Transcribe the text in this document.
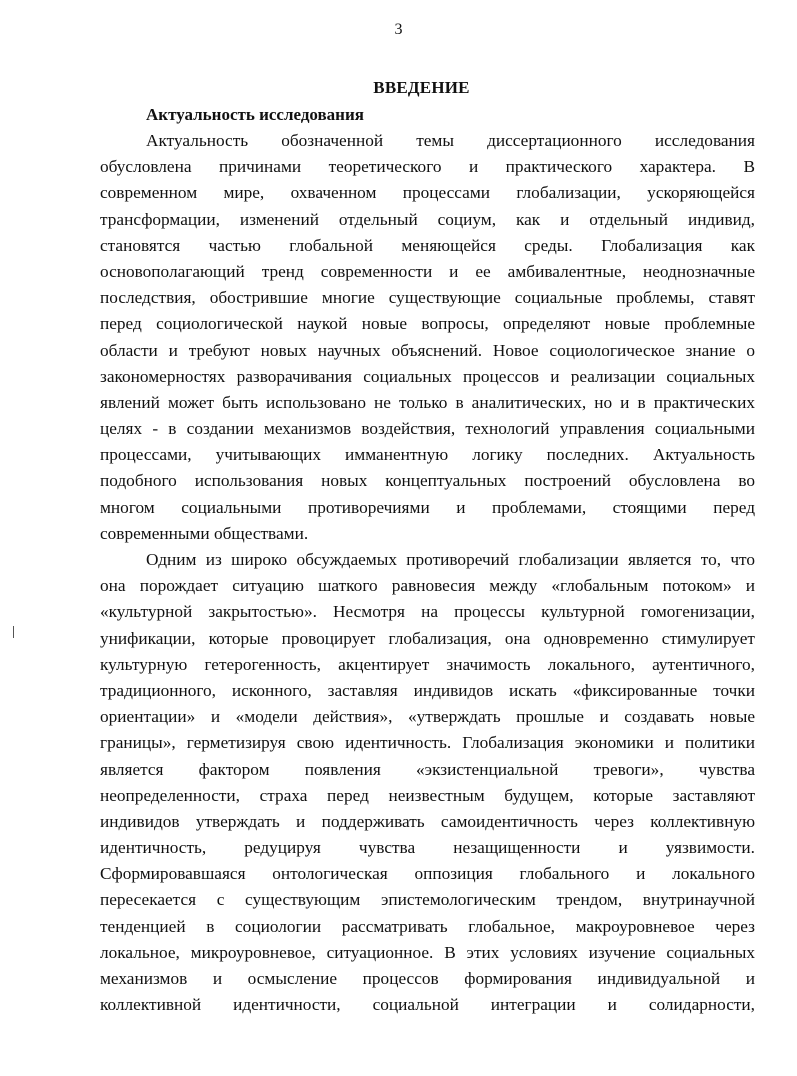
3
ВВЕДЕНИЕ
Актуальность исследования
Актуальность обозначенной темы диссертационного исследования
обусловлена причинами теоретического и практического характера. В
современном мире, охваченном процессами глобализации, ускоряющейся
трансформации, изменений отдельный социум, как и отдельный индивид,
становятся частью глобальной меняющейся среды. Глобализация как
основополагающий тренд современности и ее амбивалентные, неоднозначные
последствия, обострившие многие существующие социальные проблемы, ставят
перед социологической наукой новые вопросы, определяют новые проблемные
области и требуют новых научных объяснений. Новое социологическое знание о
закономерностях разворачивания социальных процессов и реализации социальных
явлений может быть использовано не только в аналитических, но и в практических
целях - в создании механизмов воздействия, технологий управления социальными
процессами, учитывающих имманентную логику последних. Актуальность
подобного использования новых концептуальных построений обусловлена во
многом социальными противоречиями и проблемами, стоящими перед
современными обществами.
Одним из широко обсуждаемых противоречий глобализации является то, что
она порождает ситуацию шаткого равновесия между «глобальным потоком» и
«культурной закрытостью». Несмотря на процессы культурной гомогенизации,
унификации, которые провоцирует глобализация, она одновременно стимулирует
культурную гетерогенность, акцентирует значимость локального, аутентичного,
традиционного, исконного, заставляя индивидов искать «фиксированные точки
ориентации» и «модели действия», «утверждать прошлые и создавать новые
границы», герметизируя свою идентичность. Глобализация экономики и политики
является фактором появления «экзистенциальной тревоги», чувства
неопределенности, страха перед неизвестным будущем, которые заставляют
индивидов утверждать и поддерживать самоидентичность через коллективную
идентичность, редуцируя чувства незащищенности и уязвимости.
Сформировавшаяся онтологическая оппозиция глобального и локального
пересекается с существующим эпистемологическим трендом, внутринаучной
тенденцией в социологии рассматривать глобальное, макроуровневое через
локальное, микроуровневое, ситуационное. В этих условиях изучение социальных
механизмов и осмысление процессов формирования индивидуальной и
коллективной идентичности, социальной интеграции и солидарности,
